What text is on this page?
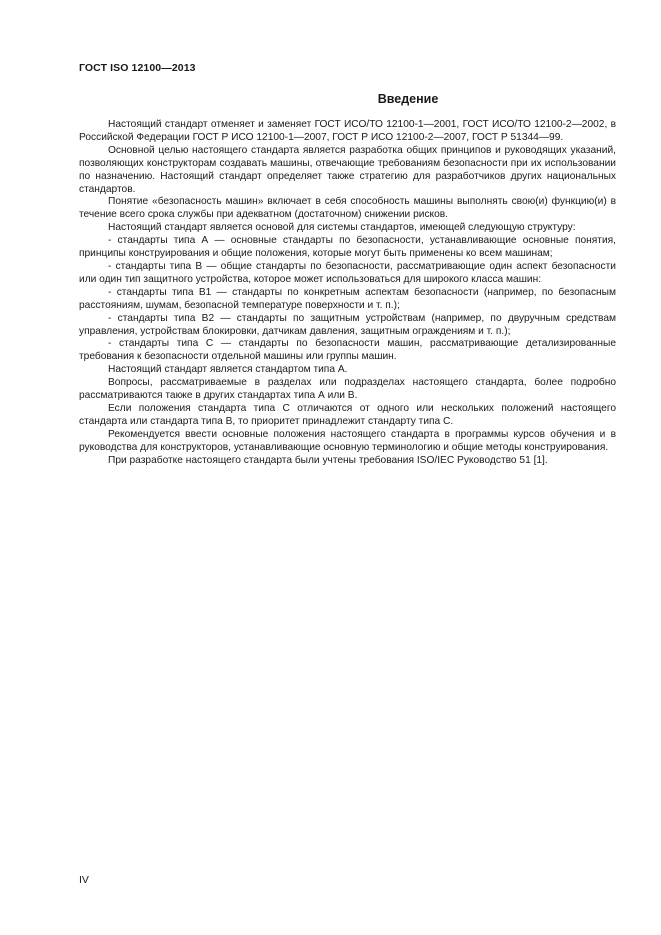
ГОСТ ISO 12100—2013
Введение

Настоящий стандарт отменяет и заменяет ГОСТ ИСО/ТО 12100-1—2001, ГОСТ ИСО/ТО 12100-2—2002, в Российской Федерации ГОСТ Р ИСО 12100-1—2007, ГОСТ Р ИСО 12100-2—2007, ГОСТ Р 51344—99.

Основной целью настоящего стандарта является разработка общих принципов и руководящих указаний, позволяющих конструкторам создавать машины, отвечающие требованиям безопасности при их использовании по назначению. Настоящий стандарт определяет также стратегию для разработчиков других национальных стандартов.

Понятие «безопасность машин» включает в себя способность машины выполнять свою(и) функцию(и) в течение всего срока службы при адекватном (достаточном) снижении рисков.

Настоящий стандарт является основой для системы стандартов, имеющей следующую структуру:

- стандарты типа А — основные стандарты по безопасности, устанавливающие основные понятия, принципы конструирования и общие положения, которые могут быть применены ко всем машинам;

- стандарты типа В — общие стандарты по безопасности, рассматривающие один аспект безопасности или один тип защитного устройства, которое может использоваться для широкого класса машин:

- стандарты типа В1 — стандарты по конкретным аспектам безопасности (например, по безопасным расстояниям, шумам, безопасной температуре поверхности и т. п.);

- стандарты типа В2 — стандарты по защитным устройствам (например, по двуручным средствам управления, устройствам блокировки, датчикам давления, защитным ограждениям и т. п.);

- стандарты типа С — стандарты по безопасности машин, рассматривающие детализированные требования к безопасности отдельной машины или группы машин.

Настоящий стандарт является стандартом типа А.

Вопросы, рассматриваемые в разделах или подразделах настоящего стандарта, более подробно рассматриваются также в других стандартах типа А или В.

Если положения стандарта типа С отличаются от одного или нескольких положений настоящего стандарта или стандарта типа В, то приоритет принадлежит стандарту типа С.

Рекомендуется ввести основные положения настоящего стандарта в программы курсов обучения и в руководства для конструкторов, устанавливающие основную терминологию и общие методы конструирования.

При разработке настоящего стандарта были учтены требования ISO/IEC Руководство 51 [1].

IV
